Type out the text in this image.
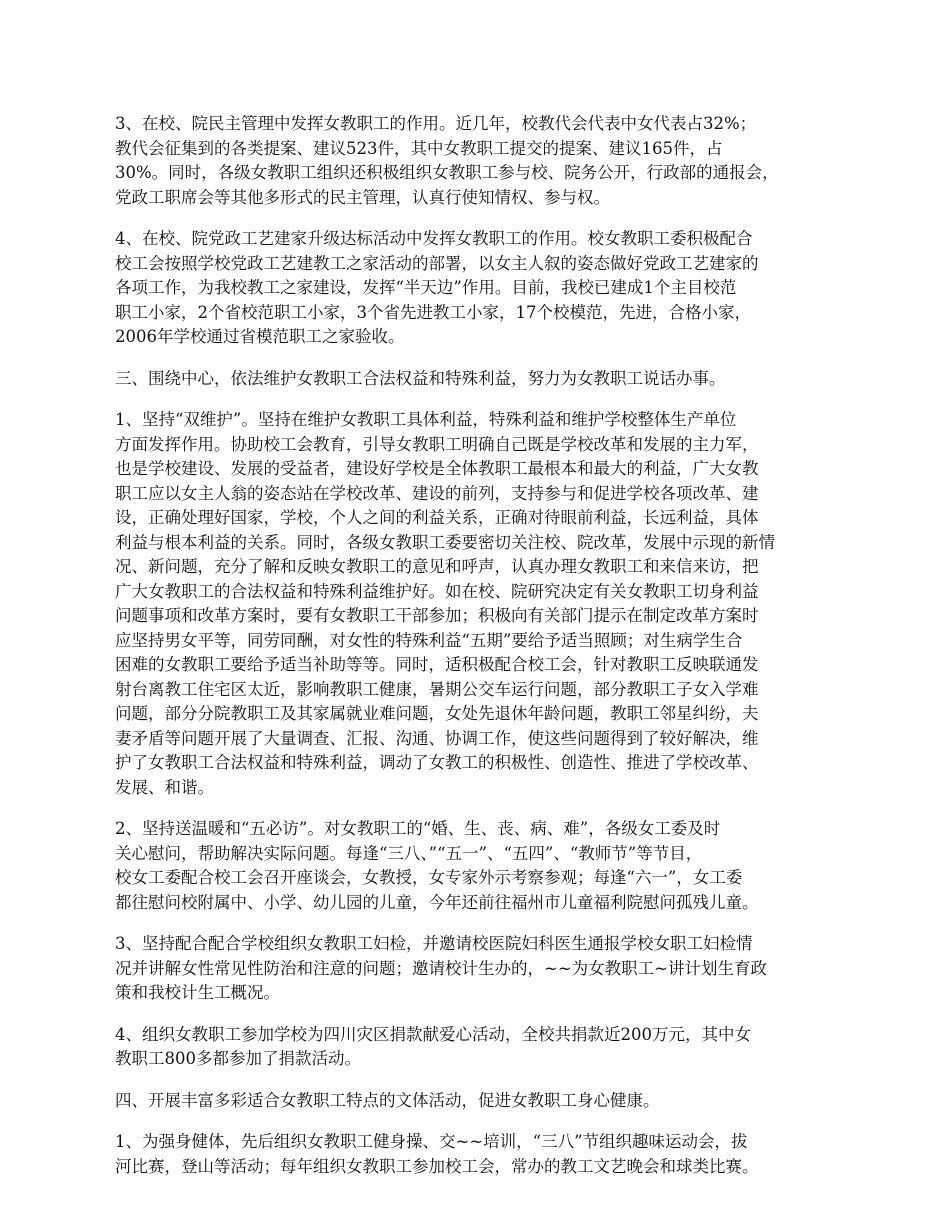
3、在校、院民主管理中发挥女教职工的作用。近几年，校教代会代表中女代表占32%；
教代会征集到的各类提案、建议523件，其中女教职工提交的提案、建议165件，占
30%。同时，各级女教职工组织还积极组织女教职工参与校、院务公开，行政部的通报会，
党政工职席会等其他多形式的民主管理，认真行使知情权、参与权。

4、在校、院党政工艺建家升级达标活动中发挥女教职工的作用。校女教职工委积极配合
校工会按照学校党政工艺建教工之家活动的部署，以女主人叙的姿态做好党政工艺建家的
各项工作，为我校教工之家建设，发挥“半天边”作用。目前，我校已建成1个主目校范
职工小家，2个省校范职工小家，3个省先进教工小家，17个校模范，先进，合格小家，
2006年学校通过省模范职工之家验收。

三、围绕中心，依法维护女教职工合法权益和特殊利益，努力为女教职工说话办事。

1、坚持“双维护”。坚持在维护女教职工具体利益，特殊利益和维护学校整体生产单位
方面发挥作用。协助校工会教育，引导女教职工明确自己既是学校改革和发展的主力军，
也是学校建设、发展的受益者，建设好学校是全体教职工最根本和最大的利益，广大女教
职工应以女主人翁的姿态站在学校改革、建设的前列，支持参与和促进学校各项改革、建
设，正确处理好国家，学校，个人之间的利益关系，正确对待眼前利益，长远利益，具体
利益与根本利益的关系。同时，各级女教职工委要密切关注校、院改革，发展中示现的新情
况、新问题，充分了解和反映女教职工的意见和呼声，认真办理女教职工和来信来访，把
广大女教职工的合法权益和特殊利益维护好。如在校、院研究决定有关女教职工切身利益
问题事项和改革方案时，要有女教职工干部参加；积极向有关部门提示在制定改革方案时
应坚持男女平等，同劳同酬，对女性的特殊利益“五期”要给予适当照顾；对生病学生合
困难的女教职工要给予适当补助等等。同时，适积极配合校工会，针对教职工反映联通发
射台离教工住宅区太近，影响教职工健康，暑期公交车运行问题，部分教职工子女入学难
问题，部分分院教职工及其家属就业难问题，女处先退休年龄问题，教职工邻星纠纷，夫
妻矛盾等问题开展了大量调查、汇报、沟通、协调工作，使这些问题得到了较好解决，维
护了女教职工合法权益和特殊利益，调动了女教工的积极性、创造性、推进了学校改革、
发展、和谐。

2、坚持送温暖和“五必访”。对女教职工的“婚、生、丧、病、难”，各级女工委及时
关心慰问，帮助解决实际问题。每逢“三八、”“五一”、“五四”、“教师节”等节目，
校女工委配合校工会召开座谈会，女教授，女专家外示考察参观；每逢“六一”，女工委
都往慰问校附属中、小学、幼儿园的儿童，今年还前往福州市儿童福利院慰问孤残儿童。

3、坚持配合配合学校组织女教职工妇检，并邀请校医院妇科医生通报学校女职工妇检情
况并讲解女性常见性防治和注意的问题；邀请校计生办的，~~为女教职工~讲计划生育政
策和我校计生工概况。

4、组织女教职工参加学校为四川灾区捐款献爱心活动，全校共捐款近200万元，其中女
教职工800多都参加了捐款活动。

四、开展丰富多彩适合女教职工特点的文体活动，促进女教职工身心健康。

1、为强身健体，先后组织女教职工健身操、交~~培训，“三八”节组织趣味运动会，拔
河比赛，登山等活动；每年组织女教职工参加校工会，常办的教工文艺晚会和球类比赛。
